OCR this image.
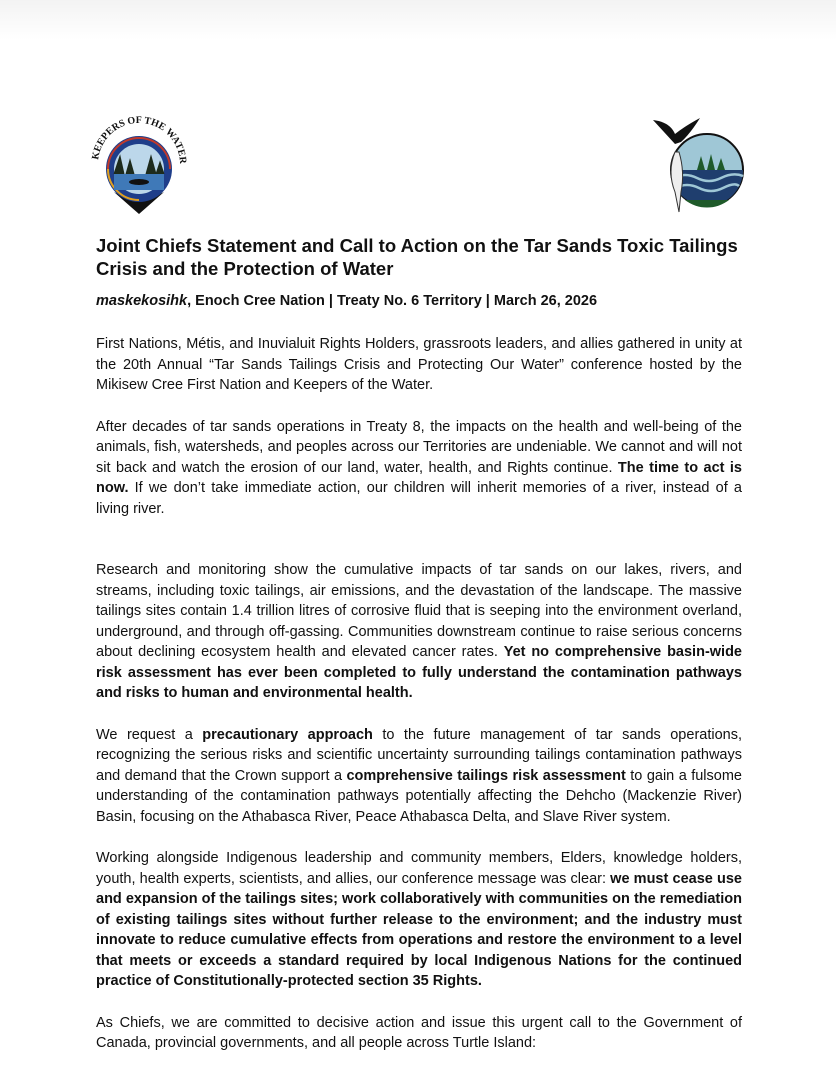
KEEPERS OF THE WATER
Joint Chiefs Statement and Call to Action on the Tar Sands Toxic Tailings Crisis and the Protection of Water
maskekosihk, Enoch Cree Nation | Treaty No. 6 Territory | March 26, 2026

First Nations, Métis, and Inuvialuit Rights Holders, grassroots leaders, and allies gathered in unity at the 20th Annual “Tar Sands Tailings Crisis and Protecting Our Water” conference hosted by the Mikisew Cree First Nation and Keepers of the Water.

After decades of tar sands operations in Treaty 8, the impacts on the health and well-being of the animals, fish, watersheds, and peoples across our Territories are undeniable. We cannot and will not sit back and watch the erosion of our land, water, health, and Rights continue. The time to act is now. If we don’t take immediate action, our children will inherit memories of a river, instead of a living river.

Research and monitoring show the cumulative impacts of tar sands on our lakes, rivers, and streams, including toxic tailings, air emissions, and the devastation of the landscape. The massive tailings sites contain 1.4 trillion litres of corrosive fluid that is seeping into the environment overland, underground, and through off-gassing. Communities downstream continue to raise serious concerns about declining ecosystem health and elevated cancer rates. Yet no comprehensive basin-wide risk assessment has ever been completed to fully understand the contamination pathways and risks to human and environmental health.

We request a precautionary approach to the future management of tar sands operations, recognizing the serious risks and scientific uncertainty surrounding tailings contamination pathways and demand that the Crown support a comprehensive tailings risk assessment to gain a fulsome understanding of the contamination pathways potentially affecting the Dehcho (Mackenzie River) Basin, focusing on the Athabasca River, Peace Athabasca Delta, and Slave River system.

Working alongside Indigenous leadership and community members, Elders, knowledge holders, youth, health experts, scientists, and allies, our conference message was clear: we must cease use and expansion of the tailings sites; work collaboratively with communities on the remediation of existing tailings sites without further release to the environment; and the industry must innovate to reduce cumulative effects from operations and restore the environment to a level that meets or exceeds a standard required by local Indigenous Nations for the continued practice of Constitutionally-protected section 35 Rights.

As Chiefs, we are committed to decisive action and issue this urgent call to the Government of Canada, provincial governments, and all people across Turtle Island:
